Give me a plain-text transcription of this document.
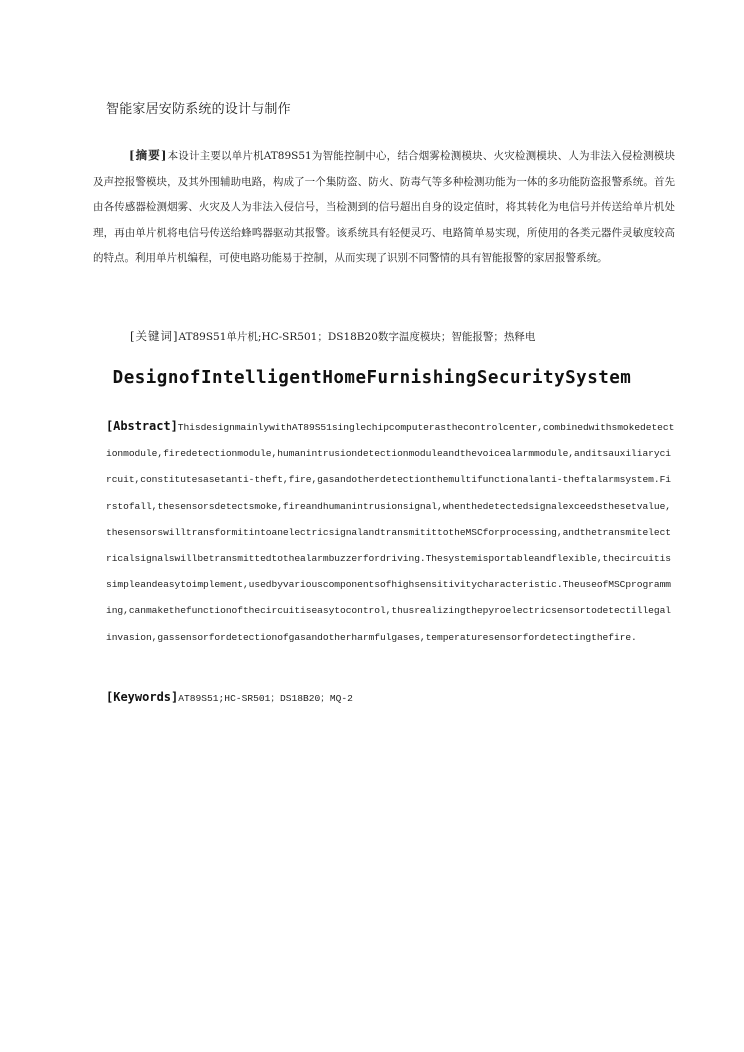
智能家居安防系统的设计与制作

[摘要]本设计主要以单片机AT89S51为智能控制中心，结合烟雾检测模块、火灾检测模块、人为非法入侵检测模块及声控报警模块，及其外围辅助电路，构成了一个集防盗、防火、防毒气等多种检测功能为一体的多功能防盗报警系统。首先由各传感器检测烟雾、火灾及人为非法入侵信号，当检测到的信号超出自身的设定值时，将其转化为电信号并传送给单片机处理，再由单片机将电信号传送给蜂鸣器驱动其报警。该系统具有轻便灵巧、电路简单易实现，所使用的各类元器件灵敏度较高的特点。利用单片机编程，可使电路功能易于控制，从而实现了识别不同警情的具有智能报警的家居报警系统。

[关键词]AT89S51单片机;HC-SR501；DS18B20数字温度模块；智能报警；热释电

DesignofIntelligentHomeFurnishingSecuritySystem

[Abstract]ThisdesignmainlywithAT89S51singlechipcomputerasthecontrolcenter,combinedwithsmokedetectionmodule,firedetectionmodule,humanintrusiondetectionmoduleandthevoicealarmmodule,anditsauxiliarycircuit,constitutesasetanti-theft,fire,gasandotherdetectionthemultifunctionalanti-theftalarmsystem.Firstofall,thesensorsdetectsmoke,fireandhumanintrusionsignal,whenthedetectedsignalexceedsthesetvalue,thesensorswilltransformitintoanelectricsignalandtransmitittotheMSCforprocessing,andthetransmitelectricalsignalswillbetransmittedtothealarmbuzzerfordriving.Thesystemisportableandflexible,thecircuitissimpleandeasytoimplement,usedbyvariouscomponentsofhighsensitivitycharacteristic.TheuseofMSCprogramming,canmakethefunctionofthecircuitiseasytocontrol,thusrealizingthepyroelectricsensortodetectillegalinvasion,gassensorfordetectionofgasandotherharmfulgases,temperaturesensorfordetectingthefire.

[Keywords]AT89S51;HC-SR501；DS18B20；MQ-2
